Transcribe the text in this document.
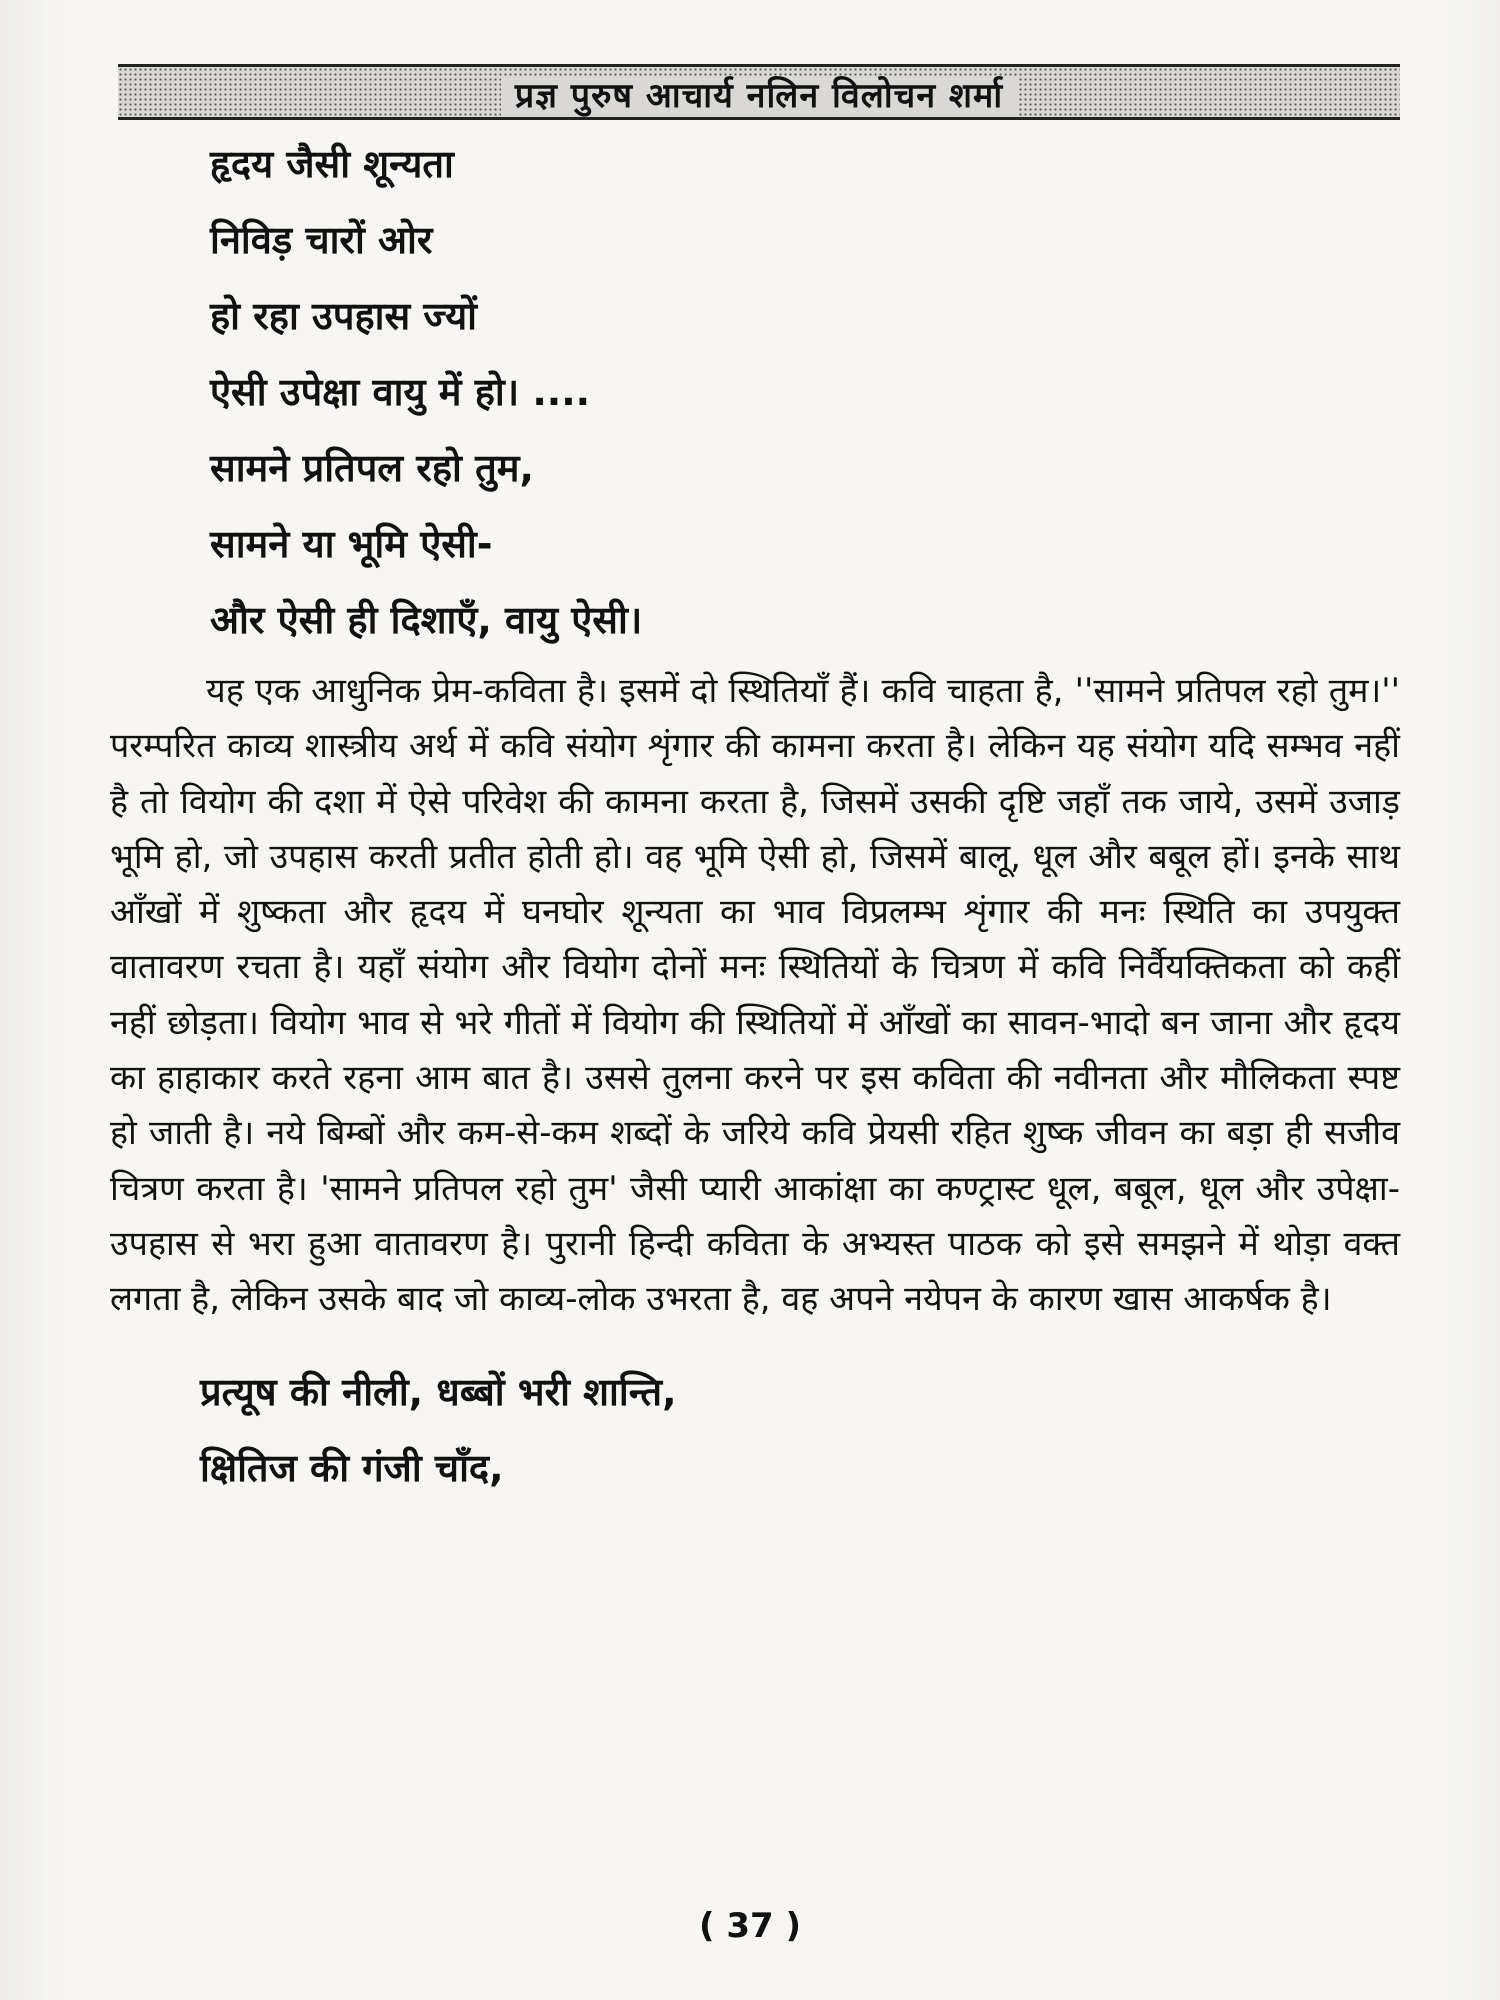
प्रज्ञ पुरुष आचार्य नलिन विलोचन शर्मा
हृदय जैसी शून्यता
निविड़ चारों ओर
हो रहा उपहास ज्यों
ऐसी उपेक्षा वायु में हो। ....
सामने प्रतिपल रहो तुम,
सामने या भूमि ऐसी-
और ऐसी ही दिशाएँ, वायु ऐसी।

यह एक आधुनिक प्रेम-कविता है। इसमें दो स्थितियाँ हैं। कवि चाहता है, ''सामने प्रतिपल रहो तुम।'' परम्परित काव्य शास्त्रीय अर्थ में कवि संयोग शृंगार की कामना करता है। लेकिन यह संयोग यदि सम्भव नहीं है तो वियोग की दशा में ऐसे परिवेश की कामना करता है, जिसमें उसकी दृष्टि जहाँ तक जाये, उसमें उजाड़ भूमि हो, जो उपहास करती प्रतीत होती हो। वह भूमि ऐसी हो, जिसमें बालू, धूल और बबूल हों। इनके साथ आँखों में शुष्कता और हृदय में घनघोर शून्यता का भाव विप्रलम्भ शृंगार की मनः स्थिति का उपयुक्त वातावरण रचता है। यहाँ संयोग और वियोग दोनों मनः स्थितियों के चित्रण में कवि निर्वैयक्तिकता को कहीं नहीं छोड़ता। वियोग भाव से भरे गीतों में वियोग की स्थितियों में आँखों का सावन-भादो बन जाना और हृदय का हाहाकार करते रहना आम बात है। उससे तुलना करने पर इस कविता की नवीनता और मौलिकता स्पष्ट हो जाती है। नये बिम्बों और कम-से-कम शब्दों के जरिये कवि प्रेयसी रहित शुष्क जीवन का बड़ा ही सजीव चित्रण करता है। 'सामने प्रतिपल रहो तुम' जैसी प्यारी आकांक्षा का कण्ट्रास्ट धूल, बबूल, धूल और उपेक्षा-उपहास से भरा हुआ वातावरण है। पुरानी हिन्दी कविता के अभ्यस्त पाठक को इसे समझने में थोड़ा वक्त लगता है, लेकिन उसके बाद जो काव्य-लोक उभरता है, वह अपने नयेपन के कारण खास आकर्षक है।

प्रत्यूष की नीली, धब्बों भरी शान्ति,
क्षितिज की गंजी चाँद,
( 37 )
